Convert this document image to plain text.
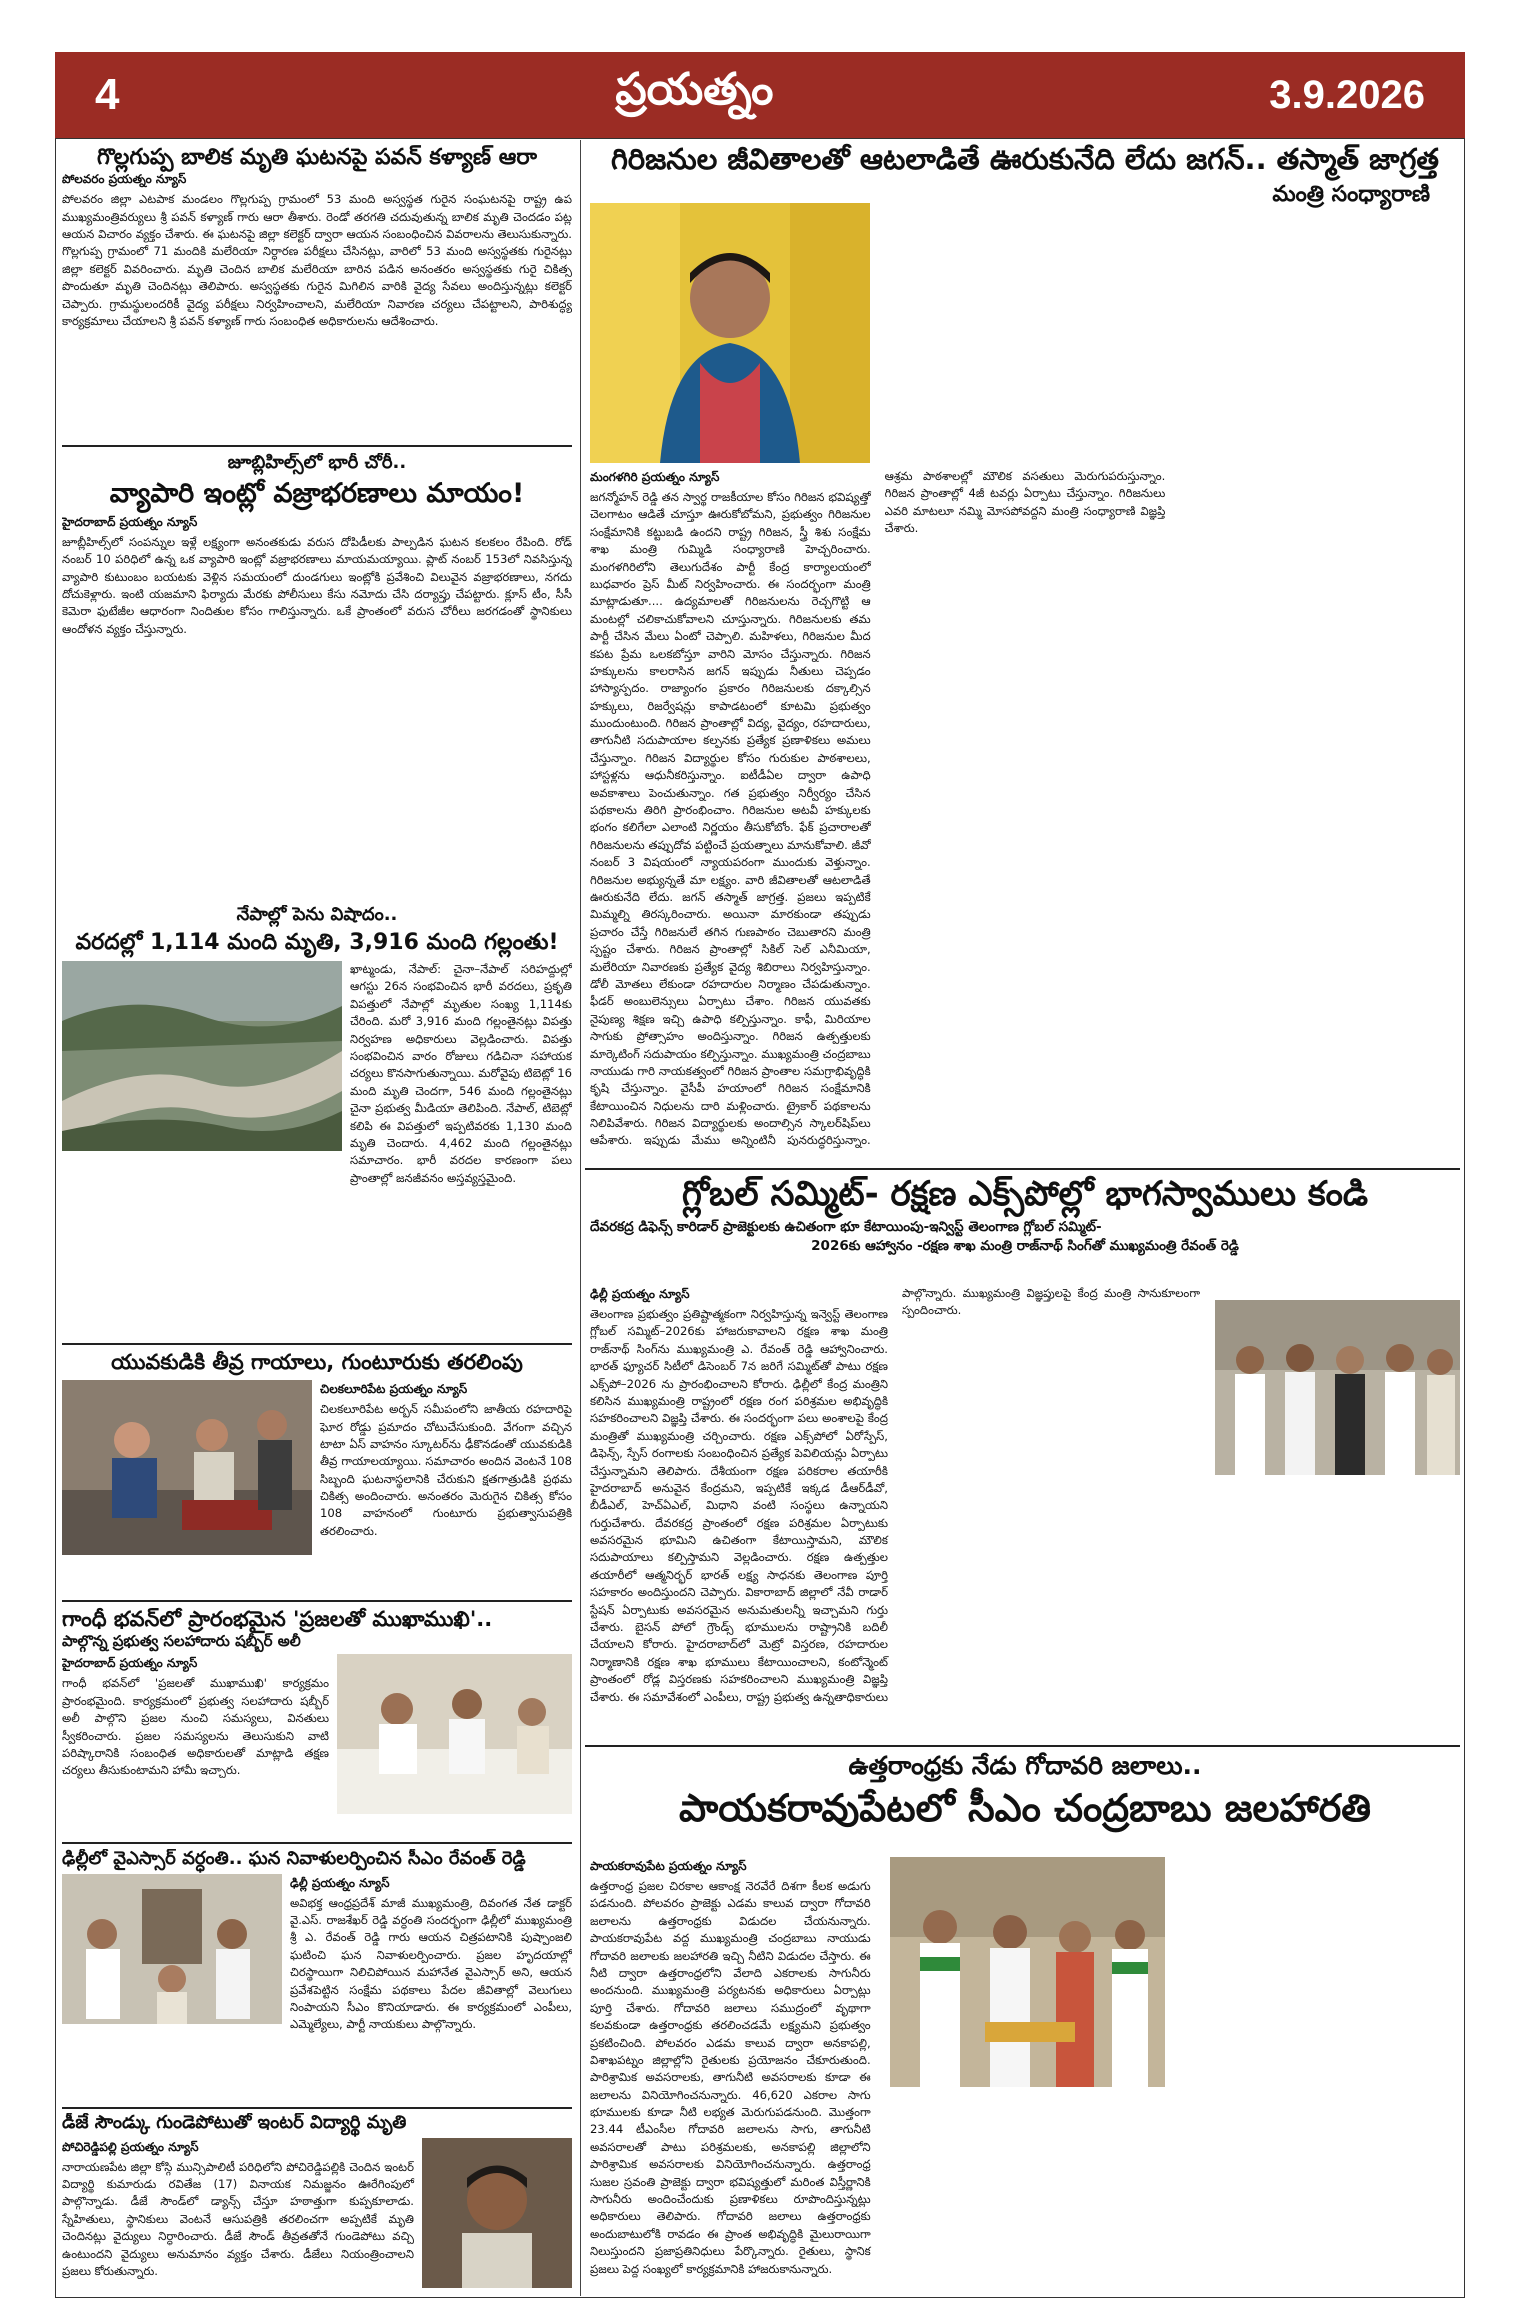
4	ప్రయత్నం	3.9.2026
గొల్లగుప్ప బాలిక మృతి ఘటనపై పవన్ కళ్యాణ్ ఆరా
పోలవరం ప్రయత్నం న్యూస్

పోలవరం జిల్లా ఎటపాక మండలం గొల్లగుప్ప గ్రామంలో 53 మంది అస్వస్థత గురైన సంఘటనపై రాష్ట్ర ఉప ముఖ్యమంత్రివర్యులు శ్రీ పవన్ కళ్యాణ్ గారు ఆరా తీశారు. రెండో తరగతి చదువుతున్న బాలిక మృతి చెందడం పట్ల ఆయన విచారం వ్యక్తం చేశారు. ఈ ఘటనపై జిల్లా కలెక్టర్ ద్వారా ఆయన సంబంధించిన వివరాలను తెలుసుకున్నారు. గొల్లగుప్ప గ్రామంలో 71 మందికి మలేరియా నిర్ధారణ పరీక్షలు చేసినట్లు, వారిలో 53 మంది అస్వస్థతకు గురైనట్లు జిల్లా కలెక్టర్ వివరించారు. మృతి చెందిన బాలిక మలేరియా బారిన పడిన అనంతరం అస్వస్థతకు గురై చికిత్స పొందుతూ మృతి చెందినట్లు తెలిపారు. అస్వస్థతకు గురైన మిగిలిన వారికి వైద్య సేవలు అందిస్తున్నట్లు కలెక్టర్ చెప్పారు. గ్రామస్థులందరికీ వైద్య పరీక్షలు నిర్వహించాలని, మలేరియా నివారణ చర్యలు చేపట్టాలని, పారిశుద్ధ్య కార్యక్రమాలు చేయాలని శ్రీ పవన్ కళ్యాణ్ గారు సంబంధిత అధికారులను ఆదేశించారు.

జూబ్లిహిల్స్‌లో భారీ చోరీ..
వ్యాపారి ఇంట్లో వజ్రాభరణాలు మాయం!
హైదరాబాద్ ప్రయత్నం న్యూస్

జూబ్లీహిల్స్‌లో సంపన్నుల ఇళ్లే లక్ష్యంగా అనంతకుడు వరుస దోపిడీలకు పాల్పడిన ఘటన కలకలం రేపింది. రోడ్ నంబర్ 10 పరిధిలో ఉన్న ఒక వ్యాపారి ఇంట్లో వజ్రాభరణాలు మాయమయ్యాయి. ప్లాట్ నంబర్ 153లో నివసిస్తున్న వ్యాపారి కుటుంబం బయటకు వెళ్లిన సమయంలో దుండగులు ఇంట్లోకి ప్రవేశించి విలువైన వజ్రాభరణాలు, నగదు దోచుకెళ్లారు. ఇంటి యజమాని ఫిర్యాదు మేరకు పోలీసులు కేసు నమోదు చేసి దర్యాప్తు చేపట్టారు. క్లూస్ టీం, సీసీ కెమెరా ఫుటేజీల ఆధారంగా నిందితుల కోసం గాలిస్తున్నారు. ఒకే ప్రాంతంలో వరుస చోరీలు జరగడంతో స్థానికులు ఆందోళన వ్యక్తం చేస్తున్నారు.

నేపాల్లో పెను విషాదం..
వరదల్లో 1,114 మంది మృతి, 3,916 మంది గల్లంతు!

ఖాట్మండు, నేపాల్: చైనా–నేపాల్ సరిహద్దుల్లో ఆగస్టు 26న సంభవించిన భారీ వరదలు, ప్రకృతి విపత్తులో నేపాల్లో మృతుల సంఖ్య 1,114కు చేరింది. మరో 3,916 మంది గల్లంతైనట్లు విపత్తు నిర్వహణ అధికారులు వెల్లడించారు. విపత్తు సంభవించిన వారం రోజులు గడిచినా సహాయక చర్యలు కొనసాగుతున్నాయి. మరోవైపు టిబెట్లో 16 మంది మృతి చెందగా, 546 మంది గల్లంతైనట్లు చైనా ప్రభుత్వ మీడియా తెలిపింది. నేపాల్, టిబెట్లో కలిపి ఈ విపత్తులో ఇప్పటివరకు 1,130 మంది మృతి చెందారు. 4,462 మంది గల్లంతైనట్లు సమాచారం. భారీ వరదల కారణంగా పలు ప్రాంతాల్లో జనజీవనం అస్తవ్యస్తమైంది.

యువకుడికి తీవ్ర గాయాలు, గుంటూరుకు తరలింపు
చిలకలూరిపేట ప్రయత్నం న్యూస్

చిలకలూరిపేట అర్బన్ సమీపంలోని జాతీయ రహదారిపై ఘోర రోడ్డు ప్రమాదం చోటుచేసుకుంది. వేగంగా వచ్చిన టాటా ఏస్ వాహనం స్కూటర్‌ను ఢీకొనడంతో యువకుడికి తీవ్ర గాయాలయ్యాయి. సమాచారం అందిన వెంటనే 108 సిబ్బంది ఘటనాస్థలానికి చేరుకుని క్షతగాత్రుడికి ప్రథమ చికిత్స అందించారు. అనంతరం మెరుగైన చికిత్స కోసం 108 వాహనంలో గుంటూరు ప్రభుత్వాసుపత్రికి తరలించారు.

గాంధీ భవన్‌లో ప్రారంభమైన 'ప్రజలతో ముఖాముఖి'..
పాల్గొన్న ప్రభుత్వ సలహాదారు షబ్బీర్ అలీ
హైదరాబాద్ ప్రయత్నం న్యూస్

గాంధీ భవన్‌లో 'ప్రజలతో ముఖాముఖి' కార్యక్రమం ప్రారంభమైంది. కార్యక్రమంలో ప్రభుత్వ సలహాదారు షబ్బీర్ అలీ పాల్గొని ప్రజల నుంచి సమస్యలు, వినతులు స్వీకరించారు. ప్రజల సమస్యలను తెలుసుకుని వాటి పరిష్కారానికి సంబంధిత అధికారులతో మాట్లాడి తక్షణ చర్యలు తీసుకుంటామని హామీ ఇచ్చారు.

ఢిల్లీలో వైఎస్సార్ వర్ధంతి.. ఘన నివాళులర్పించిన సీఎం రేవంత్ రెడ్డి
ఢిల్లీ ప్రయత్నం న్యూస్

అవిభక్త ఆంధ్రప్రదేశ్ మాజీ ముఖ్యమంత్రి, దివంగత నేత డాక్టర్ వై.ఎస్. రాజశేఖర్ రెడ్డి వర్ధంతి సందర్భంగా ఢిల్లీలో ముఖ్యమంత్రి శ్రీ ఎ. రేవంత్ రెడ్డి గారు ఆయన చిత్రపటానికి పుష్పాంజలి ఘటించి ఘన నివాళులర్పించారు. ప్రజల హృదయాల్లో చిరస్థాయిగా నిలిచిపోయిన మహానేత వైఎస్సార్ అని, ఆయన ప్రవేశపెట్టిన సంక్షేమ పథకాలు పేదల జీవితాల్లో వెలుగులు నింపాయని సీఎం కొనియాడారు. ఈ కార్యక్రమంలో ఎంపీలు, ఎమ్మెల్యేలు, పార్టీ నాయకులు పాల్గొన్నారు.

డీజే సౌండ్కు గుండెపోటుతో ఇంటర్ విద్యార్థి మృతి
పోచిరెడ్డిపల్లి ప్రయత్నం న్యూస్

నారాయణపేట జిల్లా కోస్గి మున్సిపాలిటీ పరిధిలోని పోచిరెడ్డిపల్లికి చెందిన ఇంటర్ విద్యార్థి కుమారుడు రవితేజ (17) వినాయక నిమజ్జనం ఊరేగింపులో పాల్గొన్నాడు. డీజే సౌండ్‌లో డ్యాన్స్ చేస్తూ హఠాత్తుగా కుప్పకూలాడు. స్నేహితులు, స్థానికులు వెంటనే ఆసుపత్రికి తరలించగా అప్పటికే మృతి చెందినట్లు వైద్యులు నిర్ధారించారు. డీజే సౌండ్ తీవ్రతతోనే గుండెపోటు వచ్చి ఉంటుందని వైద్యులు అనుమానం వ్యక్తం చేశారు. డీజేలు నియంత్రించాలని ప్రజలు కోరుతున్నారు.

గిరిజనుల జీవితాలతో ఆటలాడితే ఊరుకునేది లేదు జగన్.. తస్మాత్ జాగ్రత్త
మంత్రి సంధ్యారాణి
మంగళగిరి ప్రయత్నం న్యూస్

జగన్మోహన్ రెడ్డి తన స్వార్థ రాజకీయాల కోసం గిరిజన భవిష్యత్తో చెలగాటం ఆడితే చూస్తూ ఊరుకోబోమని, ప్రభుత్వం గిరిజనుల సంక్షేమానికి కట్టుబడి ఉందని రాష్ట్ర గిరిజన, స్త్రీ శిశు సంక్షేమ శాఖ మంత్రి గుమ్మిడి సంధ్యారాణి హెచ్చరించారు. మంగళగిరిలోని తెలుగుదేశం పార్టీ కేంద్ర కార్యాలయంలో బుధవారం ప్రెస్ మీట్ నిర్వహించారు. ఈ సందర్భంగా మంత్రి మాట్లాడుతూ.... ఉద్యమాలతో గిరిజనులను రెచ్చగొట్టి ఆ మంటల్లో చలికాచుకోవాలని చూస్తున్నారు. గిరిజనులకు తమ పార్టీ చేసిన మేలు ఏంటో చెప్పాలి. మహిళలు, గిరిజనుల మీద కపట ప్రేమ ఒలకబోస్తూ వారిని మోసం చేస్తున్నారు. గిరిజన హక్కులను కాలరాసిన జగన్ ఇప్పుడు నీతులు చెప్పడం హాస్యాస్పదం. రాజ్యాంగం ప్రకారం గిరిజనులకు దక్కాల్సిన హక్కులు, రిజర్వేషన్లు కాపాడటంలో కూటమి ప్రభుత్వం ముందుంటుంది. గిరిజన ప్రాంతాల్లో విద్య, వైద్యం, రహదారులు, తాగునీటి సదుపాయాల కల్పనకు ప్రత్యేక ప్రణాళికలు అమలు చేస్తున్నాం. గిరిజన విద్యార్థుల కోసం గురుకుల పాఠశాలలు, హాస్టళ్లను ఆధునీకరిస్తున్నాం. ఐటీడీఏల ద్వారా ఉపాధి అవకాశాలు పెంచుతున్నాం. గత ప్రభుత్వం నిర్వీర్యం చేసిన పథకాలను తిరిగి ప్రారంభించాం. గిరిజనుల అటవీ హక్కులకు భంగం కలిగేలా ఎలాంటి నిర్ణయం తీసుకోబోం. ఫేక్ ప్రచారాలతో గిరిజనులను తప్పుదోవ పట్టించే ప్రయత్నాలు మానుకోవాలి. జీవో నంబర్ 3 విషయంలో న్యాయపరంగా ముందుకు వెళ్తున్నాం. గిరిజనుల అభ్యున్నతే మా లక్ష్యం. వారి జీవితాలతో ఆటలాడితే ఊరుకునేది లేదు. జగన్ తస్మాత్ జాగ్రత్త. ప్రజలు ఇప్పటికే మిమ్మల్ని తిరస్కరించారు. అయినా మారకుండా తప్పుడు ప్రచారం చేస్తే గిరిజనులే తగిన గుణపాఠం చెబుతారని మంత్రి స్పష్టం చేశారు. గిరిజన ప్రాంతాల్లో సికిల్ సెల్ ఎనీమియా, మలేరియా నివారణకు ప్రత్యేక వైద్య శిబిరాలు నిర్వహిస్తున్నాం. డోలీ మోతలు లేకుండా రహదారుల నిర్మాణం చేపడుతున్నాం. ఫీడర్ అంబులెన్సులు ఏర్పాటు చేశాం. గిరిజన యువతకు నైపుణ్య శిక్షణ ఇచ్చి ఉపాధి కల్పిస్తున్నాం. కాఫీ, మిరియాల సాగుకు ప్రోత్సాహం అందిస్తున్నాం. గిరిజన ఉత్పత్తులకు మార్కెటింగ్ సదుపాయం కల్పిస్తున్నాం. ముఖ్యమంత్రి చంద్రబాబు నాయుడు గారి నాయకత్వంలో గిరిజన ప్రాంతాల సమగ్రాభివృద్ధికి కృషి చేస్తున్నాం. వైసీపీ హయాంలో గిరిజన సంక్షేమానికి కేటాయించిన నిధులను దారి మళ్లించారు. ట్రైకార్ పథకాలను నిలిపివేశారు. గిరిజన విద్యార్థులకు అందాల్సిన స్కాలర్‌షిప్‌లు ఆపేశారు. ఇప్పుడు మేము అన్నింటినీ పునరుద్ధరిస్తున్నాం. ఆశ్రమ పాఠశాలల్లో మౌలిక వసతులు మెరుగుపరుస్తున్నాం. గిరిజన ప్రాంతాల్లో 4జీ టవర్లు ఏర్పాటు చేస్తున్నాం. గిరిజనులు ఎవరి మాటలూ నమ్మి మోసపోవద్దని మంత్రి సంధ్యారాణి విజ్ఞప్తి చేశారు.

గ్లోబల్ సమ్మిట్- రక్షణ ఎక్స్‌పోల్లో భాగస్వాములు కండి
దేవరకద్ర డిఫెన్స్ కారిడార్ ప్రాజెక్టులకు ఉచితంగా భూ కేటాయింపు-ఇన్విస్ట్ తెలంగాణ గ్లోబల్ సమ్మిట్-
2026కు ఆహ్వానం -రక్షణ శాఖ మంత్రి రాజ్‌నాథ్ సింగ్‌తో ముఖ్యమంత్రి రేవంత్ రెడ్డి
ఢిల్లీ ప్రయత్నం న్యూస్

తెలంగాణ ప్రభుత్వం ప్రతిష్టాత్మకంగా నిర్వహిస్తున్న ఇన్వెస్ట్ తెలంగాణ గ్లోబల్ సమ్మిట్–2026కు హాజరుకావాలని రక్షణ శాఖ మంత్రి రాజ్‌నాథ్ సింగ్‌ను ముఖ్యమంత్రి ఎ. రేవంత్ రెడ్డి ఆహ్వానించారు. భారత్ ఫ్యూచర్ సిటీలో డిసెంబర్ 7న జరిగే సమ్మిట్‌తో పాటు రక్షణ ఎక్స్‌పో–2026 ను ప్రారంభించాలని కోరారు. ఢిల్లీలో కేంద్ర మంత్రిని కలిసిన ముఖ్యమంత్రి రాష్ట్రంలో రక్షణ రంగ పరిశ్రమల అభివృద్ధికి సహకరించాలని విజ్ఞప్తి చేశారు. ఈ సందర్భంగా పలు అంశాలపై కేంద్ర మంత్రితో ముఖ్యమంత్రి చర్చించారు. రక్షణ ఎక్స్‌పోలో ఏరోస్పేస్, డిఫెన్స్, స్పేస్ రంగాలకు సంబంధించిన ప్రత్యేక పెవిలియన్లు ఏర్పాటు చేస్తున్నామని తెలిపారు. దేశీయంగా రక్షణ పరికరాల తయారీకి హైదరాబాద్ అనువైన కేంద్రమని, ఇప్పటికే ఇక్కడ డీఆర్‌డీవో, బీడీఎల్, హెచ్ఏఎల్, మిధాని వంటి సంస్థలు ఉన్నాయని గుర్తుచేశారు. దేవరకద్ర ప్రాంతంలో రక్షణ పరిశ్రమల ఏర్పాటుకు అవసరమైన భూమిని ఉచితంగా కేటాయిస్తామని, మౌలిక సదుపాయాలు కల్పిస్తామని వెల్లడించారు. రక్షణ ఉత్పత్తుల తయారీలో ఆత్మనిర్భర్ భారత్ లక్ష్య సాధనకు తెలంగాణ పూర్తి సహకారం అందిస్తుందని చెప్పారు. వికారాబాద్ జిల్లాలో నేవీ రాడార్ స్టేషన్ ఏర్పాటుకు అవసరమైన అనుమతులన్నీ ఇచ్చామని గుర్తు చేశారు. బైసన్ పోలో గ్రౌండ్స్ భూములను రాష్ట్రానికి బదిలీ చేయాలని కోరారు. హైదరాబాద్‌లో మెట్రో విస్తరణ, రహదారుల నిర్మాణానికి రక్షణ శాఖ భూములు కేటాయించాలని, కంటోన్మెంట్ ప్రాంతంలో రోడ్ల విస్తరణకు సహకరించాలని ముఖ్యమంత్రి విజ్ఞప్తి చేశారు. ఈ సమావేశంలో ఎంపీలు, రాష్ట్ర ప్రభుత్వ ఉన్నతాధికారులు పాల్గొన్నారు. ముఖ్యమంత్రి విజ్ఞప్తులపై కేంద్ర మంత్రి సానుకూలంగా స్పందించారు.

ఉత్తరాంధ్రకు నేడు గోదావరి జలాలు..
పాయకరావుపేటలో సీఎం చంద్రబాబు జలహారతి
పాయకరావుపేట ప్రయత్నం న్యూస్

ఉత్తరాంధ్ర ప్రజల చిరకాల ఆకాంక్ష నెరవేరే దిశగా కీలక అడుగు పడనుంది. పోలవరం ప్రాజెక్టు ఎడమ కాలువ ద్వారా గోదావరి జలాలను ఉత్తరాంధ్రకు విడుదల చేయనున్నారు. పాయకరావుపేట వద్ద ముఖ్యమంత్రి చంద్రబాబు నాయుడు గోదావరి జలాలకు జలహారతి ఇచ్చి నీటిని విడుదల చేస్తారు. ఈ నీటి ద్వారా ఉత్తరాంధ్రలోని వేలాది ఎకరాలకు సాగునీరు అందనుంది. ముఖ్యమంత్రి పర్యటనకు అధికారులు ఏర్పాట్లు పూర్తి చేశారు. గోదావరి జలాలు సముద్రంలో వృథాగా కలవకుండా ఉత్తరాంధ్రకు తరలించడమే లక్ష్యమని ప్రభుత్వం ప్రకటించింది. పోలవరం ఎడమ కాలువ ద్వారా అనకాపల్లి, విశాఖపట్నం జిల్లాల్లోని రైతులకు ప్రయోజనం చేకూరుతుంది. పారిశ్రామిక అవసరాలకు, తాగునీటి అవసరాలకు కూడా ఈ జలాలను వినియోగించనున్నారు. 46,620 ఎకరాల సాగు భూములకు కూడా నీటి లభ్యత మెరుగుపడనుంది. మొత్తంగా 23.44 టీఎంసీల గోదావరి జలాలను సాగు, తాగునీటి అవసరాలతో పాటు పరిశ్రమలకు, అనకాపల్లి జిల్లాలోని పారిశ్రామిక అవసరాలకు వినియోగించనున్నారు. ఉత్తరాంధ్ర సుజల స్రవంతి ప్రాజెక్టు ద్వారా భవిష్యత్తులో మరింత విస్తీర్ణానికి సాగునీరు అందించేందుకు ప్రణాళికలు రూపొందిస్తున్నట్లు అధికారులు తెలిపారు. గోదావరి జలాలు ఉత్తరాంధ్రకు అందుబాటులోకి రావడం ఈ ప్రాంత అభివృద్ధికి మైలురాయిగా నిలుస్తుందని ప్రజాప్రతినిధులు పేర్కొన్నారు. రైతులు, స్థానిక ప్రజలు పెద్ద సంఖ్యలో కార్యక్రమానికి హాజరుకానున్నారు.
